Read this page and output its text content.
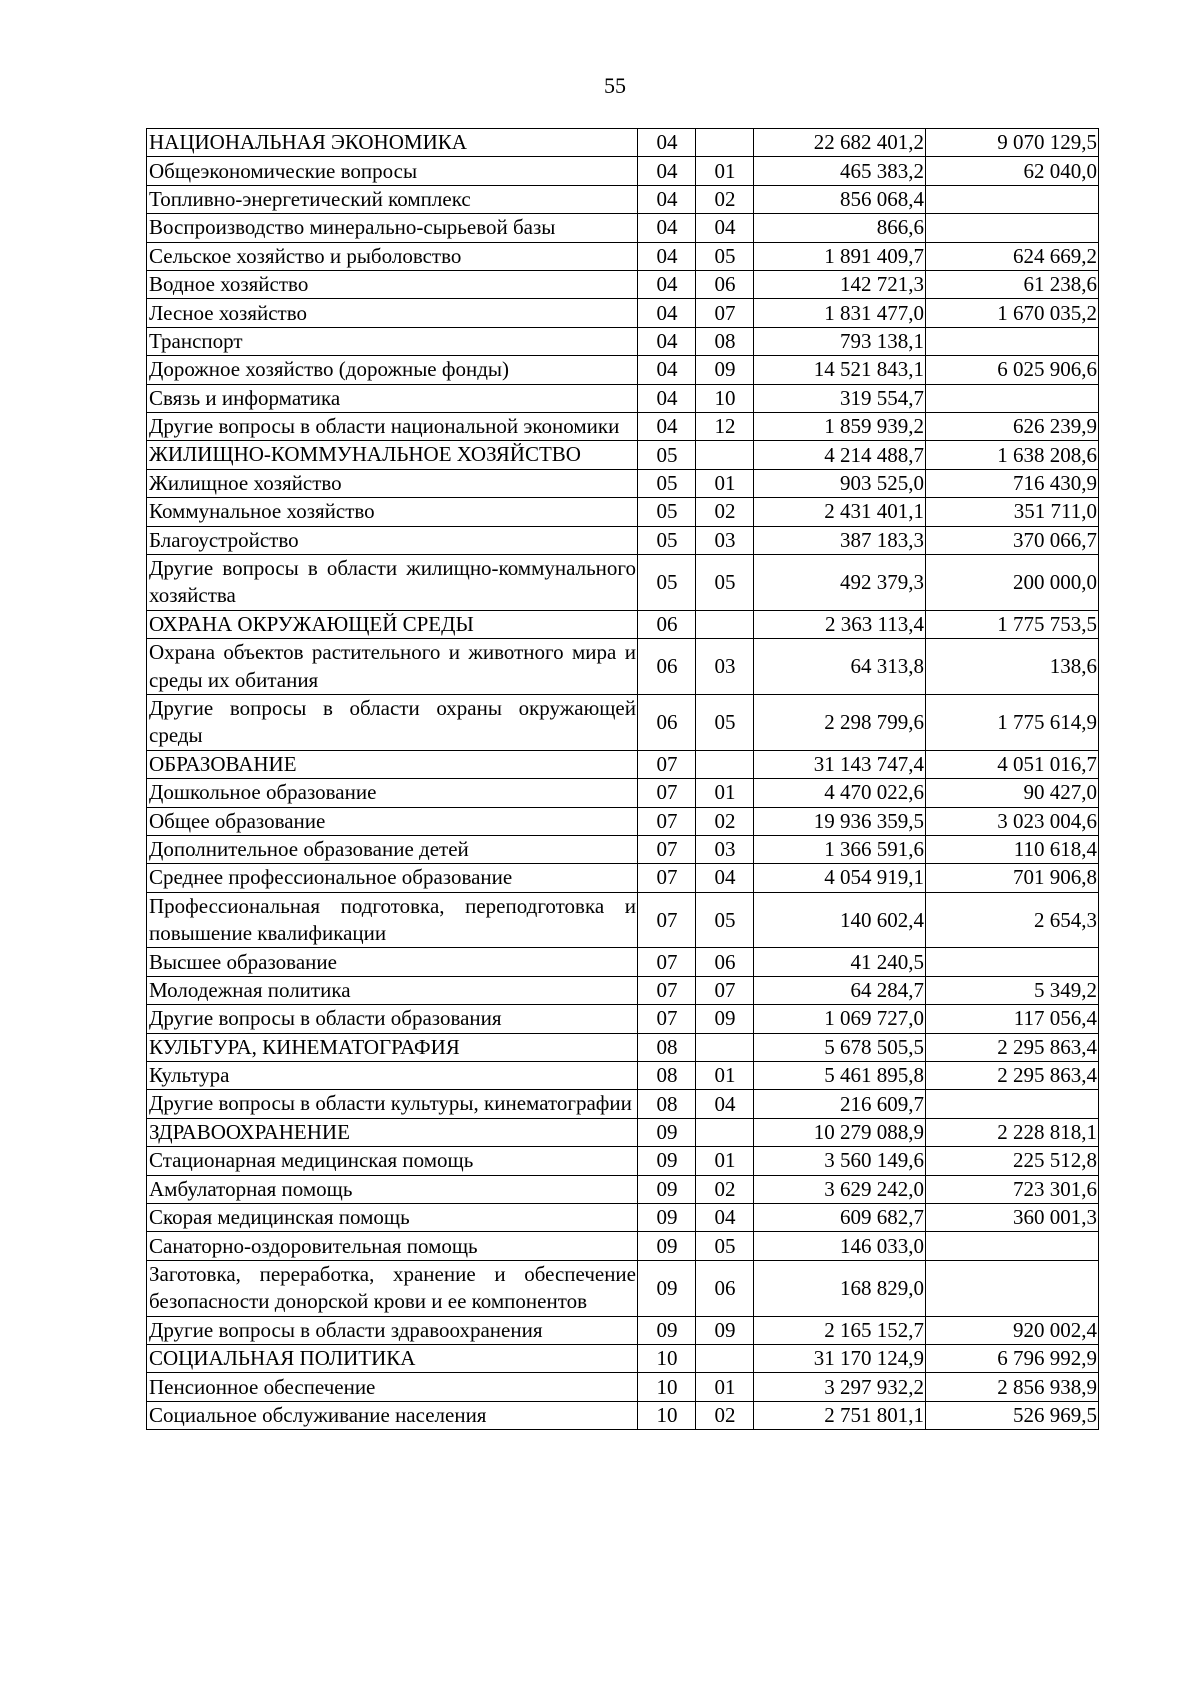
55
НАЦИОНАЛЬНАЯ ЭКОНОМИКА	04		22 682 401,2	9 070 129,5
Общеэкономические вопросы	04	01	465 383,2	62 040,0
Топливно-энергетический комплекс	04	02	856 068,4	
Воспроизводство минерально-сырьевой базы	04	04	866,6	
Сельское хозяйство и рыболовство	04	05	1 891 409,7	624 669,2
Водное хозяйство	04	06	142 721,3	61 238,6
Лесное хозяйство	04	07	1 831 477,0	1 670 035,2
Транспорт	04	08	793 138,1	
Дорожное хозяйство (дорожные фонды)	04	09	14 521 843,1	6 025 906,6
Связь и информатика	04	10	319 554,7	
Другие вопросы в области национальной экономики	04	12	1 859 939,2	626 239,9
ЖИЛИЩНО-КОММУНАЛЬНОЕ ХОЗЯЙСТВО	05		4 214 488,7	1 638 208,6
Жилищное хозяйство	05	01	903 525,0	716 430,9
Коммунальное хозяйство	05	02	2 431 401,1	351 711,0
Благоустройство	05	03	387 183,3	370 066,7
Другие вопросы в области жилищно-коммунального хозяйства	05	05	492 379,3	200 000,0
ОХРАНА ОКРУЖАЮЩЕЙ СРЕДЫ	06		2 363 113,4	1 775 753,5
Охрана объектов растительного и животного мира и среды их обитания	06	03	64 313,8	138,6
Другие вопросы в области охраны окружающей среды	06	05	2 298 799,6	1 775 614,9
ОБРАЗОВАНИЕ	07		31 143 747,4	4 051 016,7
Дошкольное образование	07	01	4 470 022,6	90 427,0
Общее образование	07	02	19 936 359,5	3 023 004,6
Дополнительное образование детей	07	03	1 366 591,6	110 618,4
Среднее профессиональное образование	07	04	4 054 919,1	701 906,8
Профессиональная подготовка, переподготовка и повышение квалификации	07	05	140 602,4	2 654,3
Высшее образование	07	06	41 240,5	
Молодежная политика	07	07	64 284,7	5 349,2
Другие вопросы в области образования	07	09	1 069 727,0	117 056,4
КУЛЬТУРА, КИНЕМАТОГРАФИЯ	08		5 678 505,5	2 295 863,4
Культура	08	01	5 461 895,8	2 295 863,4
Другие вопросы в области культуры, кинематографии	08	04	216 609,7	
ЗДРАВООХРАНЕНИЕ	09		10 279 088,9	2 228 818,1
Стационарная медицинская помощь	09	01	3 560 149,6	225 512,8
Амбулаторная помощь	09	02	3 629 242,0	723 301,6
Скорая медицинская помощь	09	04	609 682,7	360 001,3
Санаторно-оздоровительная помощь	09	05	146 033,0	
Заготовка, переработка, хранение и обеспечение безопасности донорской крови и ее компонентов	09	06	168 829,0	
Другие вопросы в области здравоохранения	09	09	2 165 152,7	920 002,4
СОЦИАЛЬНАЯ ПОЛИТИКА	10		31 170 124,9	6 796 992,9
Пенсионное обеспечение	10	01	3 297 932,2	2 856 938,9
Социальное обслуживание населения	10	02	2 751 801,1	526 969,5
